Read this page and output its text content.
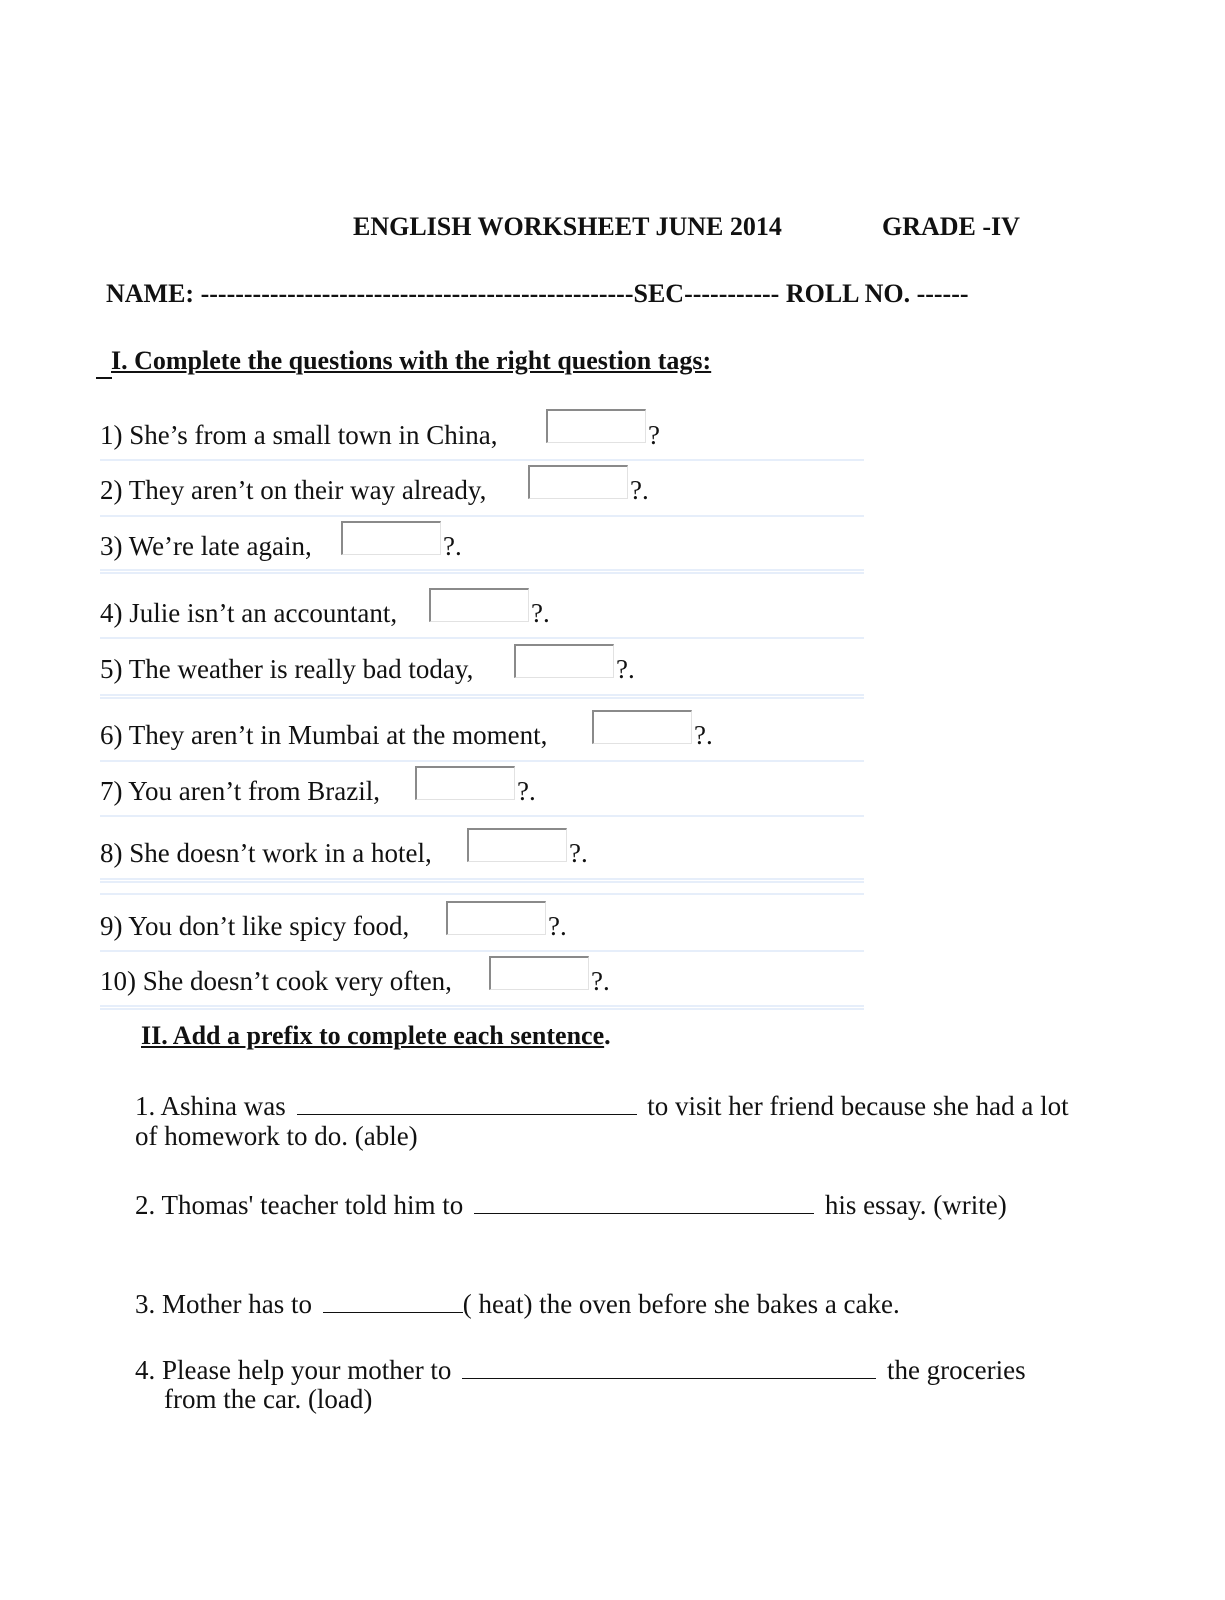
ENGLISH WORKSHEET JUNE 2014	GRADE -IV
NAME: --------------------------------------------------SEC----------- ROLL NO. ------
I. Complete the questions with the right question tags:
1) She’s from a small town in China,	?
2) They aren’t on their way already,	?.
3) We’re late again,	?.
4) Julie isn’t an accountant,	?.
5) The weather is really bad today,	?.
6) They aren’t in Mumbai at the moment,	?.
7) You aren’t from Brazil,	?.
8) She doesn’t work in a hotel,	?.
9) You don’t like spicy food,	?.
10) She doesn’t cook very often,	?.
II. Add a prefix to complete each sentence.
1. Ashina was	to visit her friend because she had a lot
of homework to do. (able)
2. Thomas' teacher told him to	his essay. (write)
3. Mother has to	( heat) the oven before she bakes a cake.
4. Please help your mother to	the groceries
from the car. (load)
